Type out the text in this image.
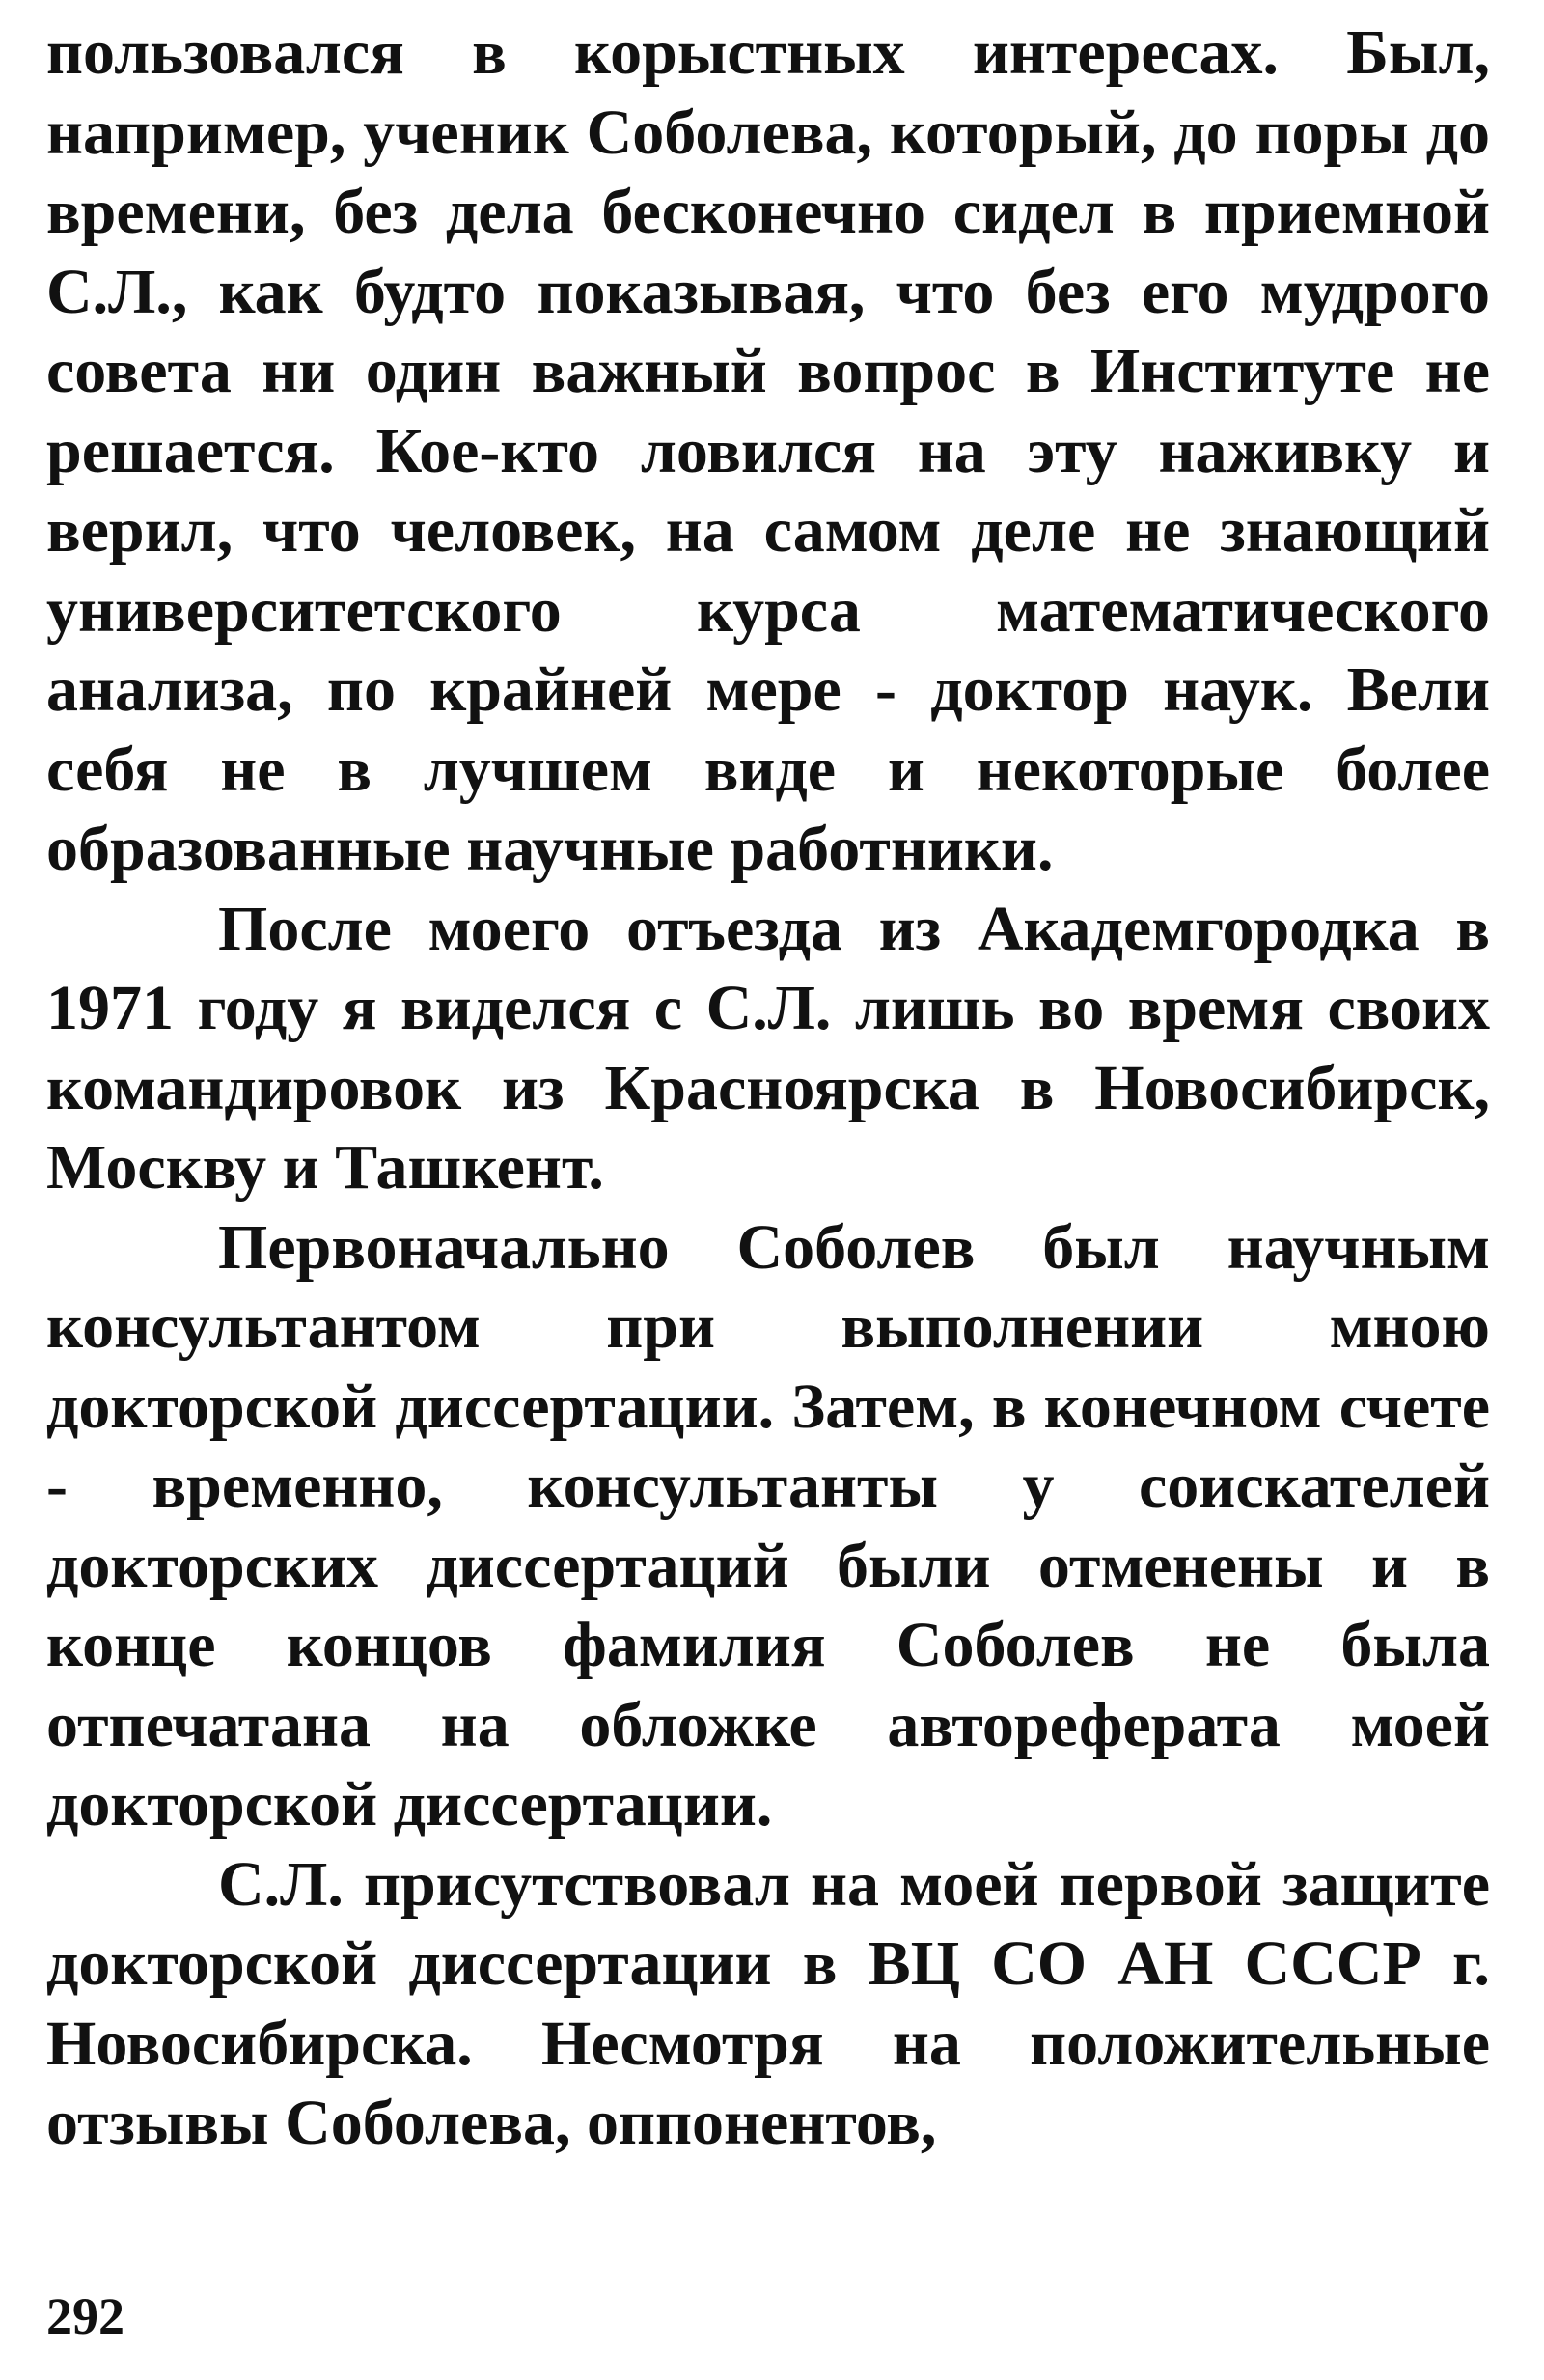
пользовался в корыстных интересах. Был, например, ученик Соболева, который, до поры до времени, без дела бесконечно сидел в приемной С.Л., как будто показывая, что без его мудрого совета ни один важный вопрос в Институте не решается. Кое-кто ловился на эту наживку и верил, что человек, на самом деле не знающий университетского курса математического анализа, по крайней мере - доктор наук. Вели себя не в лучшем виде и некоторые более образованные научные работники.

После моего отъезда из Академгородка в 1971 году я виделся с С.Л. лишь во время своих командировок из Красноярска в Новосибирск, Москву и Ташкент.

Первоначально Соболев был научным консультантом при выполнении мною докторской диссертации. Затем, в конечном счете - временно, консультанты у соискателей докторских диссертаций были отменены и в конце концов фамилия Соболев не была отпечатана на обложке автореферата моей докторской диссертации.

С.Л. присутствовал на моей первой защите докторской диссертации в ВЦ СО АН СССР г. Новосибирска. Несмотря на положительные отзывы Соболева, оппонентов,

292
